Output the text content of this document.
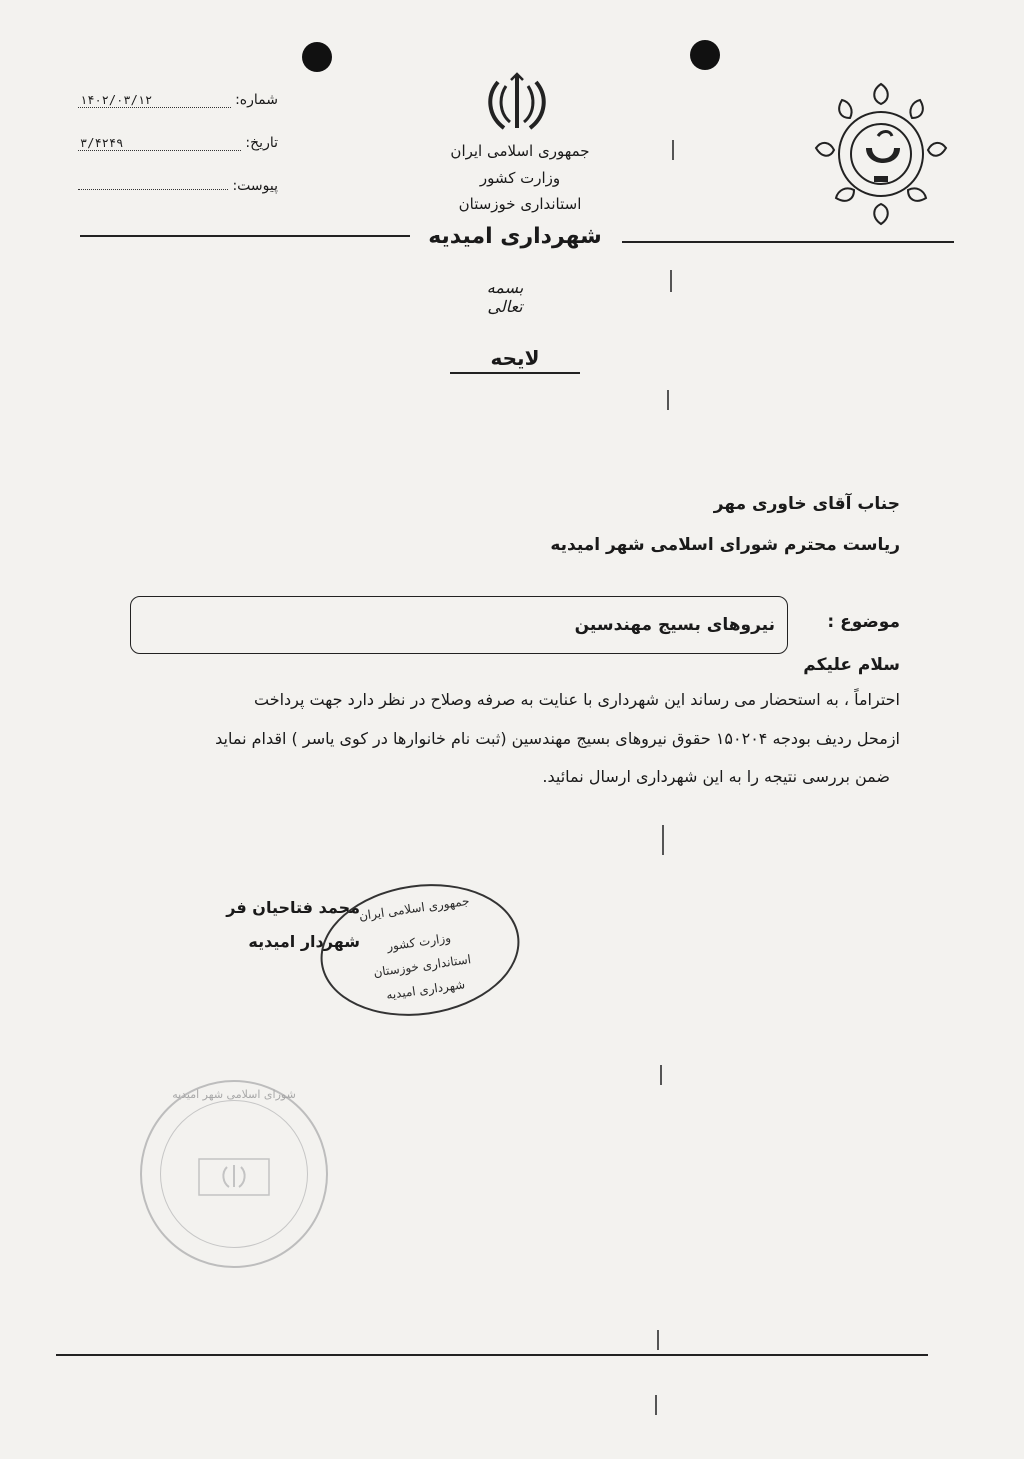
شماره:
۱۴۰۲/۰۳/۱۲
تاریخ:
۳/۴۲۴۹
پیوست:
جمهوری اسلامی ایران
وزارت کشور
استانداری خوزستان
شهرداری امیدیه
بسمه تعالی
لایحه
جناب آقای خاوری مهر
ریاست محترم شورای اسلامی شهر امیدیه
موضوع :
نیروهای بسیج مهندسین
سلام علیکم
احتراماً ، به استحضار می رساند این شهرداری با عنایت به صرفه وصلاح در نظر دارد جهت پرداخت
ازمحل ردیف بودجه ۱۵۰۲۰۴ حقوق نیروهای بسیج مهندسین (ثبت نام خانوارها در کوی یاسر ) اقدام نماید
ضمن بررسی نتیجه را به این شهرداری ارسال نمائید.
محمد فتاحیان فر
شهردار امیدیه
جمهوری اسلامی ایران
وزارت کشور
استانداری خوزستان
شهرداری امیدیه
شورای اسلامی شهر امیدیه
